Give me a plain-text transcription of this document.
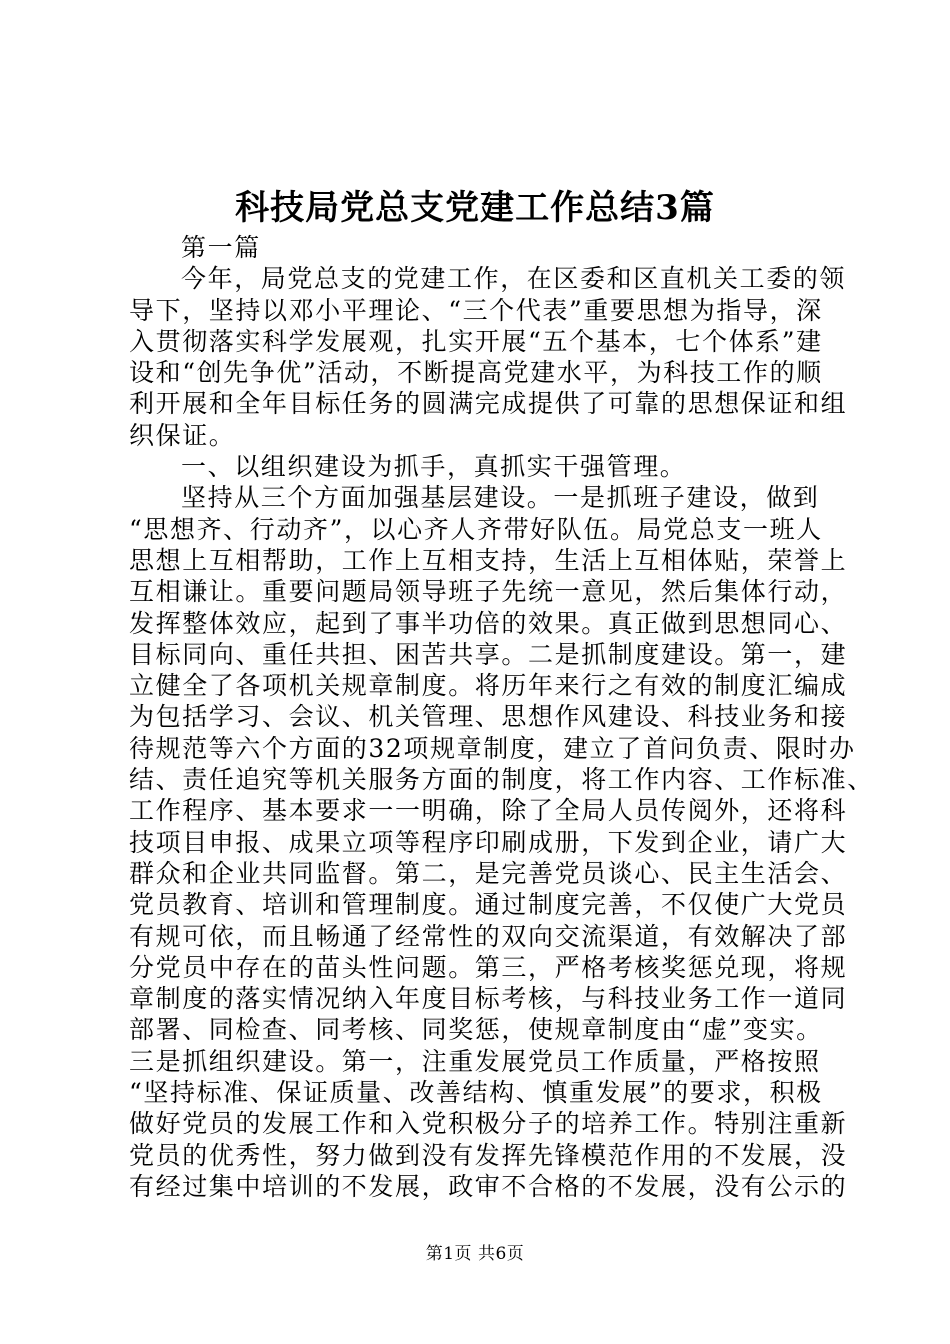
科技局党总支党建工作总结3篇
第一篇
今年，局党总支的党建工作，在区委和区直机关工委的领
导下，坚持以邓小平理论、“三个代表”重要思想为指导，深
入贯彻落实科学发展观，扎实开展“五个基本，七个体系”建
设和“创先争优”活动，不断提高党建水平，为科技工作的顺
利开展和全年目标任务的圆满完成提供了可靠的思想保证和组
织保证。
一、以组织建设为抓手，真抓实干强管理。
坚持从三个方面加强基层建设。一是抓班子建设，做到
“思想齐、行动齐”，以心齐人齐带好队伍。局党总支一班人
思想上互相帮助，工作上互相支持，生活上互相体贴，荣誉上
互相谦让。重要问题局领导班子先统一意见，然后集体行动，
发挥整体效应，起到了事半功倍的效果。真正做到思想同心、
目标同向、重任共担、困苦共享。二是抓制度建设。第一，建
立健全了各项机关规章制度。将历年来行之有效的制度汇编成
为包括学习、会议、机关管理、思想作风建设、科技业务和接
待规范等六个方面的32项规章制度，建立了首问负责、限时办
结、责任追究等机关服务方面的制度，将工作内容、工作标准、
工作程序、基本要求一一明确，除了全局人员传阅外，还将科
技项目申报、成果立项等程序印刷成册，下发到企业，请广大
群众和企业共同监督。第二，是完善党员谈心、民主生活会、
党员教育、培训和管理制度。通过制度完善，不仅使广大党员
有规可依，而且畅通了经常性的双向交流渠道，有效解决了部
分党员中存在的苗头性问题。第三，严格考核奖惩兑现，将规
章制度的落实情况纳入年度目标考核，与科技业务工作一道同
部署、同检查、同考核、同奖惩，使规章制度由“虚”变实。
三是抓组织建设。第一，注重发展党员工作质量，严格按照
“坚持标准、保证质量、改善结构、慎重发展”的要求，积极
做好党员的发展工作和入党积极分子的培养工作。特别注重新
党员的优秀性，努力做到没有发挥先锋模范作用的不发展，没
有经过集中培训的不发展，政审不合格的不发展，没有公示的
第1页 共6页
